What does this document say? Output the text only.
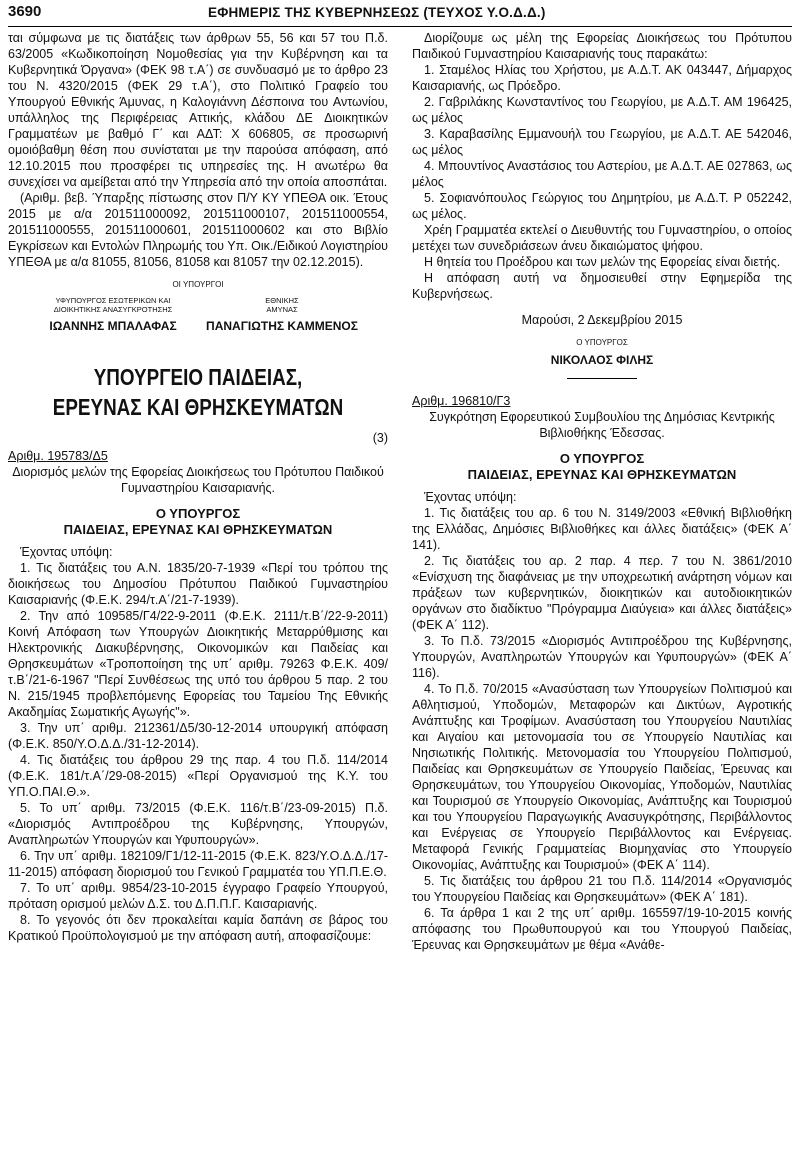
3690	ΕΦΗΜΕΡΙΣ ΤΗΣ ΚΥΒΕΡΝΗΣΕΩΣ (ΤΕΥΧΟΣ Υ.Ο.Δ.Δ.)

ται σύμφωνα με τις διατάξεις των άρθρων 55, 56 και 57 του Π.δ. 63/2005 «Κωδικοποίηση Νομοθεσίας για την Κυβέρνηση και τα Κυβερνητικά Όργανα» (ΦΕΚ 98 τ.Α΄) σε συνδυασμό με το άρθρο 23 του Ν. 4320/2015 (ΦΕΚ 29 τ.Α΄), στο Πολιτικό Γραφείο του Υπουργού Εθνικής Άμυνας, η Καλογιάννη Δέσποινα του Αντωνίου, υπάλληλος της Περιφέρειας Αττικής, κλάδου ΔΕ Διοικητικών Γραμματέων με βαθμό Γ΄ και ΑΔΤ: Χ 606805, σε προσωρινή ομοιόβαθμη θέση που συνίσταται με την παρούσα απόφαση, από 12.10.2015 που προσφέρει τις υπηρεσίες της. Η ανωτέρω θα συνεχίσει να αμείβεται από την Υπηρεσία από την οποία αποσπάται.

(Αριθμ. βεβ. Ύπαρξης πίστωσης στον Π/Υ ΚΥ ΥΠΕΘΑ οικ. Έτους 2015 με α/α 201511000092, 201511000107, 201511000554, 201511000555, 201511000601, 201511000602 και στο Βιβλίο Εγκρίσεων και Εντολών Πληρωμής του Υπ. Οικ./Ειδικού Λογιστηρίου ΥΠΕΘΑ με α/α 81055, 81056, 81058 και 81057 την 02.12.2015).

ΟΙ ΥΠΟΥΡΓΟΙ
ΥΦΥΠΟΥΡΓΟΣ ΕΣΩΤΕΡΙΚΩΝ ΚΑΙ ΔΙΟΙΚΗΤΙΚΗΣ ΑΝΑΣΥΓΚΡΟΤΗΣΗΣ
ΙΩΑΝΝΗΣ ΜΠΑΛΑΦΑΣ
ΕΘΝΙΚΗΣ ΑΜΥΝΑΣ
ΠΑΝΑΓΙΩΤΗΣ ΚΑΜΜΕΝΟΣ
ΥΠΟΥΡΓΕΙΟ ΠΑΙΔΕΙΑΣ,
ΕΡΕΥΝΑΣ ΚΑΙ ΘΡΗΣΚΕΥΜΑΤΩΝ
(3)

Αριθμ. 195783/Δ5

Διορισμός μελών της Εφορείας Διοικήσεως του Πρότυπου Παιδικού Γυμναστηρίου Καισαριανής.

Ο ΥΠΟΥΡΓΟΣ
ΠΑΙΔΕΙΑΣ, ΕΡΕΥΝΑΣ ΚΑΙ ΘΡΗΣΚΕΥΜΑΤΩΝ

Έχοντας υπόψη:

1. Τις διατάξεις του Α.Ν. 1835/20-7-1939 «Περί του τρόπου της διοικήσεως του Δημοσίου Πρότυπου Παιδικού Γυμναστηρίου Καισαριανής (Φ.Ε.Κ. 294/τ.Α΄/21-7-1939).

2. Την από 109585/Γ4/22-9-2011 (Φ.Ε.Κ. 2111/τ.Β΄/22-9-2011) Κοινή Απόφαση των Υπουργών Διοικητικής Μεταρρύθμισης και Ηλεκτρονικής Διακυβέρνησης, Οικονομικών και Παιδείας και Θρησκευμάτων «Τροποποίηση της υπ΄ αριθμ. 79263 Φ.Ε.Κ. 409/τ.Β΄/21-6-1967 "Περί Συνθέσεως της υπό του άρθρου 5 παρ. 2 του Ν. 215/1945 προβλεπόμενης Εφορείας του Ταμείου Της Εθνικής Ακαδημίας Σωματικής Αγωγής"».

3. Την υπ΄ αριθμ. 212361/Δ5/30-12-2014 υπουργική απόφαση (Φ.Ε.Κ. 850/Υ.Ο.Δ.Δ./31-12-2014).

4. Τις διατάξεις του άρθρου 29 της παρ. 4 του Π.δ. 114/2014 (Φ.Ε.Κ. 181/τ.Α΄/29-08-2015) «Περί Οργανισμού της Κ.Υ. του ΥΠ.Ο.ΠΑΙ.Θ.».

5. Το υπ΄ αριθμ. 73/2015 (Φ.Ε.Κ. 116/τ.Β΄/23-09-2015) Π.δ. «Διορισμός Αντιπροέδρου της Κυβέρνησης, Υπουργών, Αναπληρωτών Υπουργών και Υφυπουργών».

6. Την υπ΄ αριθμ. 182109/Γ1/12-11-2015 (Φ.Ε.Κ. 823/Υ.Ο.Δ.Δ./17-11-2015) απόφαση διορισμού του Γενικού Γραμματέα του ΥΠ.Π.Ε.Θ.

7. Το υπ΄ αριθμ. 9854/23-10-2015 έγγραφο Γραφείο Υπουργού, πρόταση ορισμού μελών Δ.Σ. του Δ.Π.Π.Γ. Καισαριανής.

8. Το γεγονός ότι δεν προκαλείται καμία δαπάνη σε βάρος του Κρατικού Προϋπολογισμού με την απόφαση αυτή, αποφασίζουμε:

Διορίζουμε ως μέλη της Εφορείας Διοικήσεως του Πρότυπου Παιδικού Γυμναστηρίου Καισαριανής τους παρακάτω:

1. Σταμέλος Ηλίας του Χρήστου, με Α.Δ.Τ. ΑΚ 043447, Δήμαρχος Καισαριανής, ως Πρόεδρο.

2. Γαβριλάκης Κωνσταντίνος του Γεωργίου, με Α.Δ.Τ. ΑΜ 196425, ως μέλος

3. Καραβασίλης Εμμανουήλ του Γεωργίου, με Α.Δ.Τ. ΑΕ 542046, ως μέλος

4. Μπουντίνος Αναστάσιος του Αστερίου, με Α.Δ.Τ. ΑΕ 027863, ως μέλος

5. Σοφιανόπουλος Γεώργιος του Δημητρίου, με Α.Δ.Τ. Ρ 052242, ως μέλος.

Χρέη Γραμματέα εκτελεί ο Διευθυντής του Γυμναστηρίου, ο οποίος μετέχει των συνεδριάσεων άνευ δικαιώματος ψήφου.

Η θητεία του Προέδρου και των μελών της Εφορείας είναι διετής.

Η απόφαση αυτή να δημοσιευθεί στην Εφημερίδα της Κυβερνήσεως.

Μαρούσι, 2 Δεκεμβρίου 2015

Ο ΥΠΟΥΡΓΟΣ
ΝΙΚΟΛΑΟΣ ΦΙΛΗΣ

Αριθμ. 196810/Γ3

Συγκρότηση Εφορευτικού Συμβουλίου της Δημόσιας Κεντρικής Βιβλιοθήκης Έδεσσας.

Ο ΥΠΟΥΡΓΟΣ
ΠΑΙΔΕΙΑΣ, ΕΡΕΥΝΑΣ ΚΑΙ ΘΡΗΣΚΕΥΜΑΤΩΝ

Έχοντας υπόψη:

1. Τις διατάξεις του αρ. 6 του Ν. 3149/2003 «Εθνική Βιβλιοθήκη της Ελλάδας, Δημόσιες Βιβλιοθήκες και άλλες διατάξεις» (ΦΕΚ Α΄ 141).

2. Τις διατάξεις του αρ. 2 παρ. 4 περ. 7 του Ν. 3861/2010 «Ενίσχυση της διαφάνειας με την υποχρεωτική ανάρτηση νόμων και πράξεων των κυβερνητικών, διοικητικών και αυτοδιοικητικών οργάνων στο διαδίκτυο "Πρόγραμμα Διαύγεια» και άλλες διατάξεις» (ΦΕΚ Α΄ 112).

3. Το Π.δ. 73/2015 «Διορισμός Αντιπροέδρου της Κυβέρνησης, Υπουργών, Αναπληρωτών Υπουργών και Υφυπουργών» (ΦΕΚ Α΄ 116).

4. Το Π.δ. 70/2015 «Ανασύσταση των Υπουργείων Πολιτισμού και Αθλητισμού, Υποδομών, Μεταφορών και Δικτύων, Αγροτικής Ανάπτυξης και Τροφίμων. Ανασύσταση του Υπουργείου Ναυτιλίας και Αιγαίου και μετονομασία του σε Υπουργείο Ναυτιλίας και Νησιωτικής Πολιτικής. Μετονομασία του Υπουργείου Πολιτισμού, Παιδείας και Θρησκευμάτων σε Υπουργείο Παιδείας, Έρευνας και Θρησκευμάτων, του Υπουργείου Οικονομίας, Υποδομών, Ναυτιλίας και Τουρισμού σε Υπουργείο Οικονομίας, Ανάπτυξης και Τουρισμού και του Υπουργείου Παραγωγικής Ανασυγκρότησης, Περιβάλλοντος και Ενέργειας σε Υπουργείο Περιβάλλοντος και Ενέργειας. Μεταφορά Γενικής Γραμματείας Βιομηχανίας στο Υπουργείο Οικονομίας, Ανάπτυξης και Τουρισμού» (ΦΕΚ Α΄ 114).

5. Τις διατάξεις του άρθρου 21 του Π.δ. 114/2014 «Οργανισμός του Υπουργείου Παιδείας και Θρησκευμάτων» (ΦΕΚ Α΄ 181).

6. Τα άρθρα 1 και 2 της υπ΄ αριθμ. 165597/19-10-2015 κοινής απόφασης του Πρωθυπουργού και του Υπουργού Παιδείας, Έρευνας και Θρησκευμάτων με θέμα «Ανάθε-
